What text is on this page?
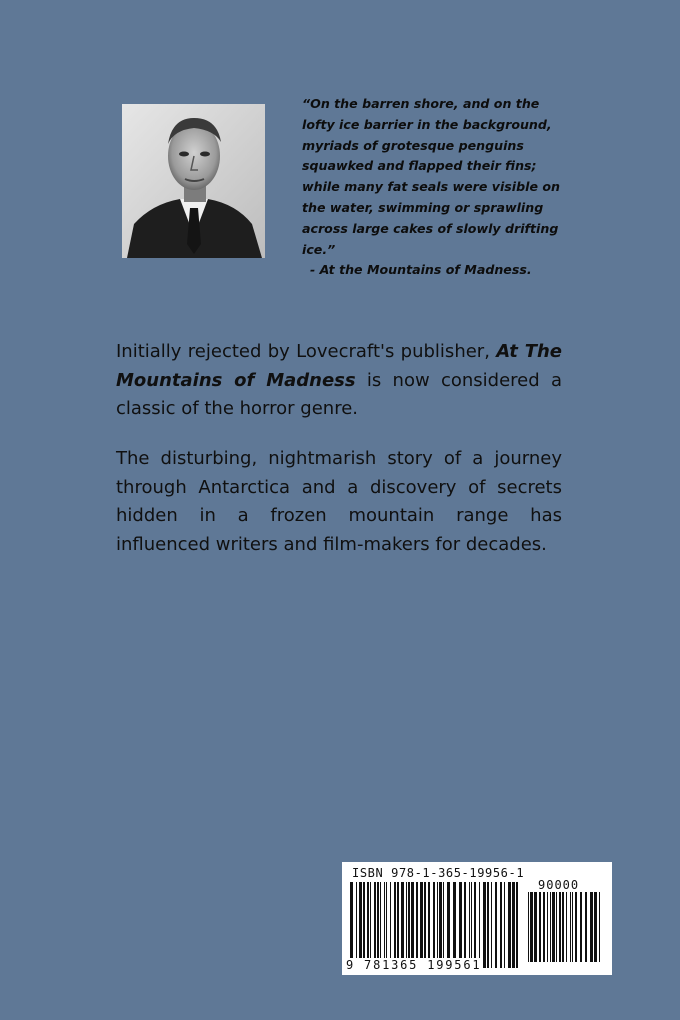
“On the barren shore, and on the

lofty ice barrier in the background,

myriads of grotesque penguins

squawked and flapped their fins;

while many fat seals were visible on

the water, swimming or sprawling

across large cakes of slowly drifting

ice.”

- At the Mountains of Madness.

Initially rejected by Lovecraft's publisher, At The Mountains of Madness is now considered a classic of the horror genre.

The disturbing, nightmarish story of a journey through Antarctica and a discovery of secrets hidden in a frozen mountain range has influenced writers and film-makers for decades.

ISBN 978-1-365-19956-1
90000
9 781365 199561
